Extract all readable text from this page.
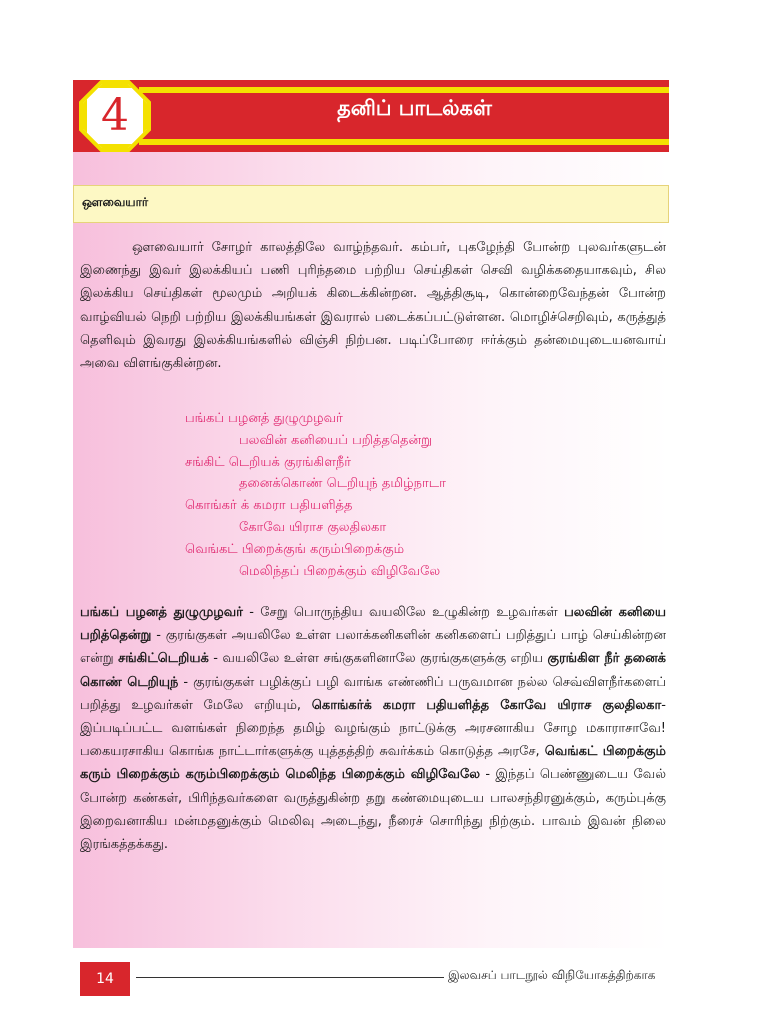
4	தனிப் பாடல்கள்
ஔவையார்
ஔவையார் சோழர் காலத்திலே வாழ்ந்தவர். கம்பர், புகழேந்தி போன்ற புலவர்களுடன் இணைந்து இவர் இலக்கியப் பணி புரிந்தமை பற்றிய செய்திகள் செவி வழிக்கதையாகவும், சில இலக்கிய செய்திகள் மூலமும் அறியக் கிடைக்கின்றன. ஆத்திசூடி, கொன்றைவேந்தன் போன்ற வாழ்வியல் நெறி பற்றிய இலக்கியங்கள் இவரால் படைக்கப்பட்டுள்ளன. மொழிச்செறிவும், கருத்துத் தெளிவும் இவரது இலக்கியங்களில் விஞ்சி நிற்பன. படிப்போரை ஈர்க்கும் தன்மையுடையனவாய் அவை விளங்குகின்றன.
பங்கப் பழனத் துழுமுழவர்
பலவின் கனியைப் பறித்ததென்று
சங்கிட் டெறியக் குரங்கிளநீர்
தனைக்கொண் டெறியுந் தமிழ்நாடா
கொங்கர் க் கமரா பதியளித்த
கோவே யிராச குலதிலகா
வெங்கட் பிறைக்குங் கரும்பிறைக்கும்
மெலிந்தப் பிறைக்கும் விழிவேலே
பங்கப் பழனத் துழுமுழவர் - சேறு பொருந்திய வயலிலே உழுகின்ற உழவர்கள் பலவின் கனியை பறித்தென்று - குரங்குகள் அயலிலே உள்ள பலாக்கனிகளின் கனிகளைப் பறித்துப் பாழ் செய்கின்றன என்று சங்கிட்டெறியக் - வயலிலே உள்ள சங்குகளினாலே குரங்குகளுக்கு எறிய குரங்கிள நீர் தனைக் கொண் டெறியுந் - குரங்குகள் பழிக்குப் பழி வாங்க எண்ணிப் பருவமான நல்ல செவ்விளநீர்களைப் பறித்து உழவர்கள் மேலே எறியும், கொங்கர்க் கமரா பதியளித்த கோவே யிராச குலதிலகா- இப்படிப்பட்ட வளங்கள் நிறைந்த தமிழ் வழங்கும் நாட்டுக்கு அரசனாகிய சோழ மகாராசாவே! பகையரசாகிய கொங்க நாட்டார்களுக்கு யுத்தத்திற் சுவர்க்கம் கொடுத்த அரசே, வெங்கட் பிறைக்கும் கரும் பிறைக்கும் கரும்பிறைக்கும் மெலிந்த பிறைக்கும் விழிவேலே - இந்தப் பெண்ணுடைய வேல் போன்ற கண்கள், பிரிந்தவர்களை வருத்துகின்ற தறு கண்மையுடைய பாலசந்திரனுக்கும், கரும்புக்கு இறைவனாகிய மன்மதனுக்கும் மெலிவு அடைந்து, நீரைச் சொரிந்து நிற்கும். பாவம் இவன் நிலை இரங்கத்தக்கது.
14	இலவசப் பாடநூல் விநியோகத்திற்காக
